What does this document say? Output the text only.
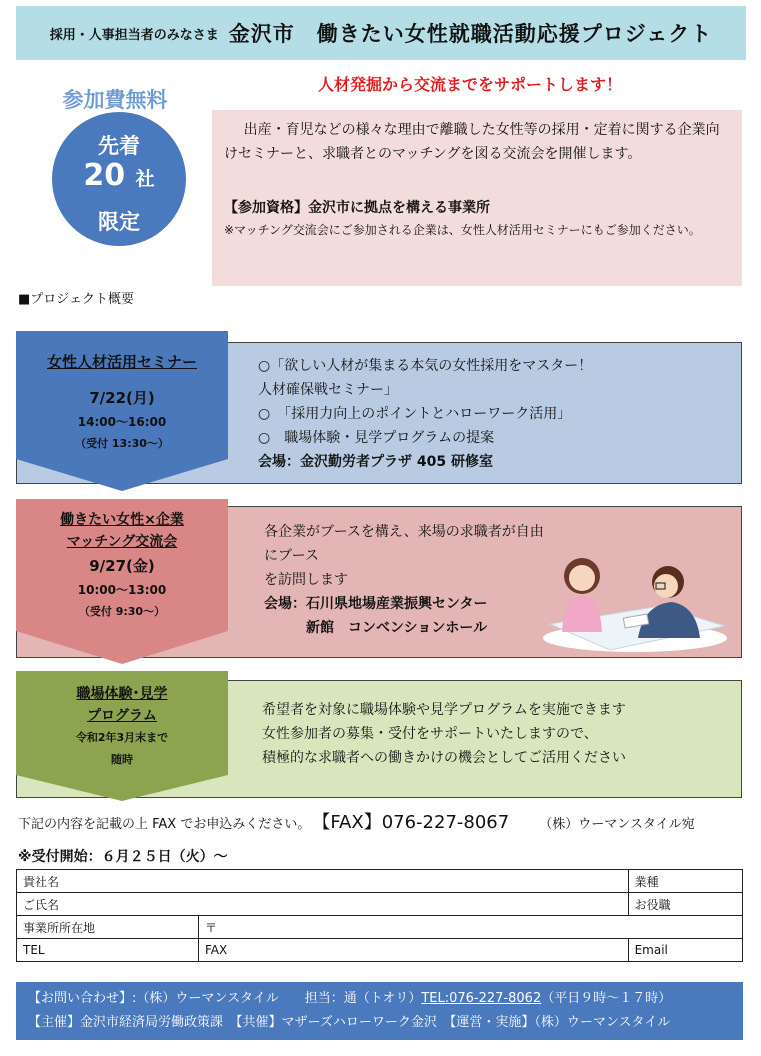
採用・人事担当者のみなさま 金沢市　働きたい女性就職活動応援プロジェクト
人材発掘から交流までをサポートします！
参加費無料
先着
20 社
限定
出産・育児などの様々な理由で離職した女性等の採用・定着に関する企業向けセミナーと、求職者とのマッチングを図る交流会を開催します。
【参加資格】金沢市に拠点を構える事業所
※マッチング交流会にご参加される企業は、女性人材活用セミナーにもご参加ください。
■プロジェクト概要
女性人材活用セミナー
7/22(月)
14:00～16:00
（受付 13:30～）
○「欲しい人材が集まる本気の女性採用をマスター！
人材確保戦セミナー」
○　「採用力向上のポイントとハローワーク活用」
○　職場体験・見学プログラムの提案
会場：金沢勤労者プラザ 405 研修室
働きたい女性×企業
マッチング交流会
9/27(金)
10:00～13:00
（受付 9:30～）
各企業がブースを構え、来場の求職者が自由にブース
を訪問します
会場：石川県地場産業振興センター
　　　新館　コンベンションホール
職場体験･見学
プログラム
令和2年3月末まで
随時
希望者を対象に職場体験や見学プログラムを実施できます
女性参加者の募集・受付をサポートいたしますので、
積極的な求職者への働きかけの機会としてご活用ください
下記の内容を記載の上 FAX でお申込みください。 【FAX】076-227-8067 （株）ウーマンスタイル宛
※受付開始：６月２５日（火）～
貴社名		業種
ご氏名		お役職
事業所所在地	〒	
TEL	FAX	Email
【お問い合わせ】:（株）ウーマンスタイル　　担当：通（トオリ）TEL:076-227-8062（平日９時～１７時）
【主催】金沢市経済局労働政策課　【共催】マザーズハローワーク金沢　【運営・実施】（株）ウーマンスタイル
